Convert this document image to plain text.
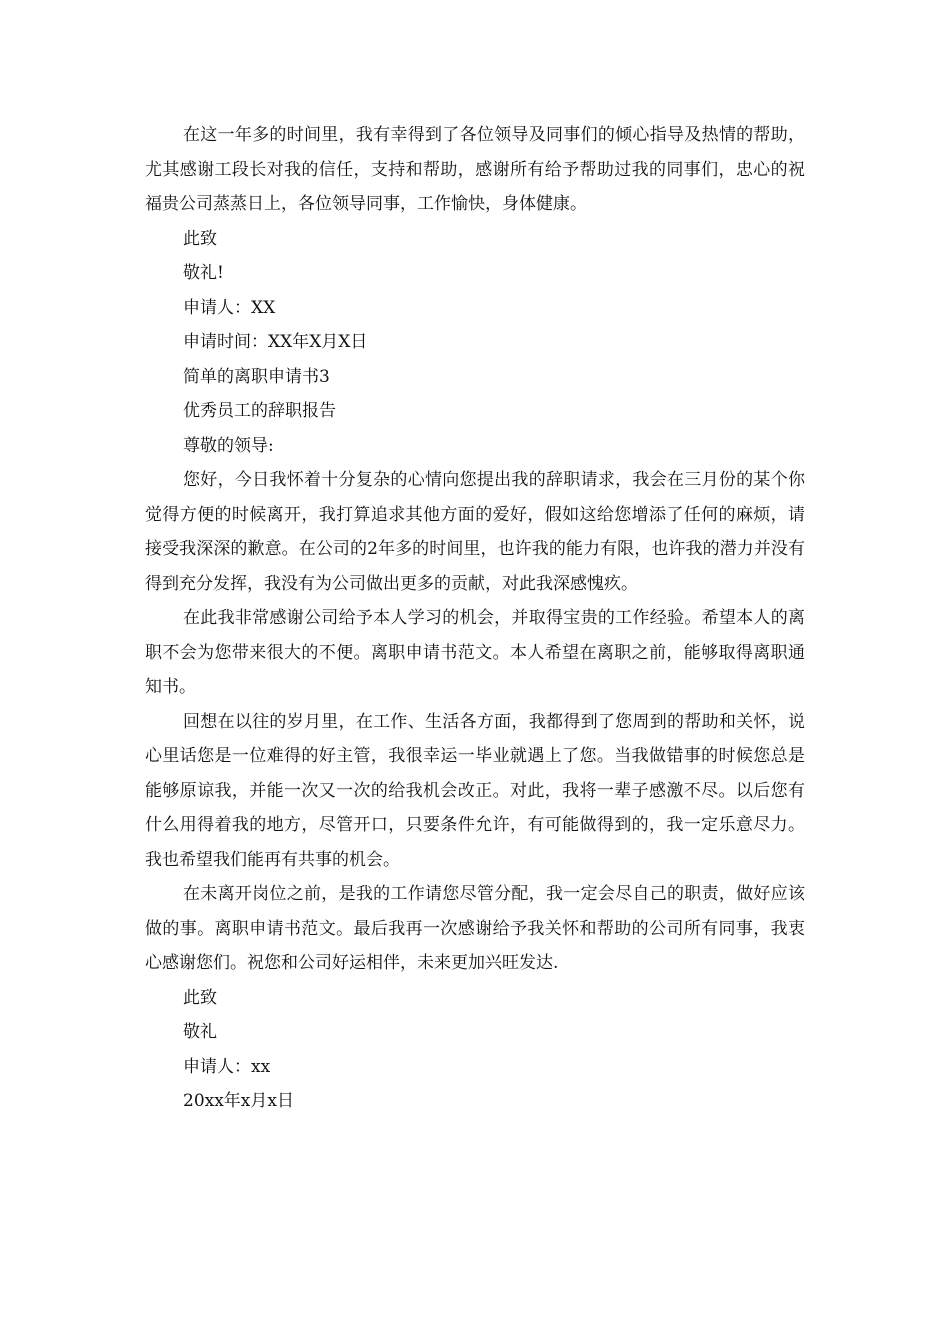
在这一年多的时间里，我有幸得到了各位领导及同事们的倾心指导及热情的帮助，尤其感谢工段长对我的信任，支持和帮助，感谢所有给予帮助过我的同事们，忠心的祝福贵公司蒸蒸日上，各位领导同事，工作愉快，身体健康。

此致

敬礼!

申请人：XX

申请时间：XX年X月X日

简单的离职申请书3

优秀员工的辞职报告

尊敬的领导:

您好，今日我怀着十分复杂的心情向您提出我的辞职请求，我会在三月份的某个你觉得方便的时候离开，我打算追求其他方面的爱好，假如这给您增添了任何的麻烦，请接受我深深的歉意。在公司的2年多的时间里，也许我的能力有限，也许我的潜力并没有得到充分发挥，我没有为公司做出更多的贡献，对此我深感愧疚。

在此我非常感谢公司给予本人学习的机会，并取得宝贵的工作经验。希望本人的离职不会为您带来很大的不便。离职申请书范文。本人希望在离职之前，能够取得离职通知书。

回想在以往的岁月里，在工作、生活各方面，我都得到了您周到的帮助和关怀，说心里话您是一位难得的好主管，我很幸运一毕业就遇上了您。当我做错事的时候您总是能够原谅我，并能一次又一次的给我机会改正。对此，我将一辈子感激不尽。以后您有什么用得着我的地方，尽管开口，只要条件允许，有可能做得到的，我一定乐意尽力。我也希望我们能再有共事的机会。

在未离开岗位之前，是我的工作请您尽管分配，我一定会尽自己的职责，做好应该做的事。离职申请书范文。最后我再一次感谢给予我关怀和帮助的公司所有同事，我衷心感谢您们。祝您和公司好运相伴，未来更加兴旺发达.

此致

敬礼

申请人：xx

20xx年x月x日
